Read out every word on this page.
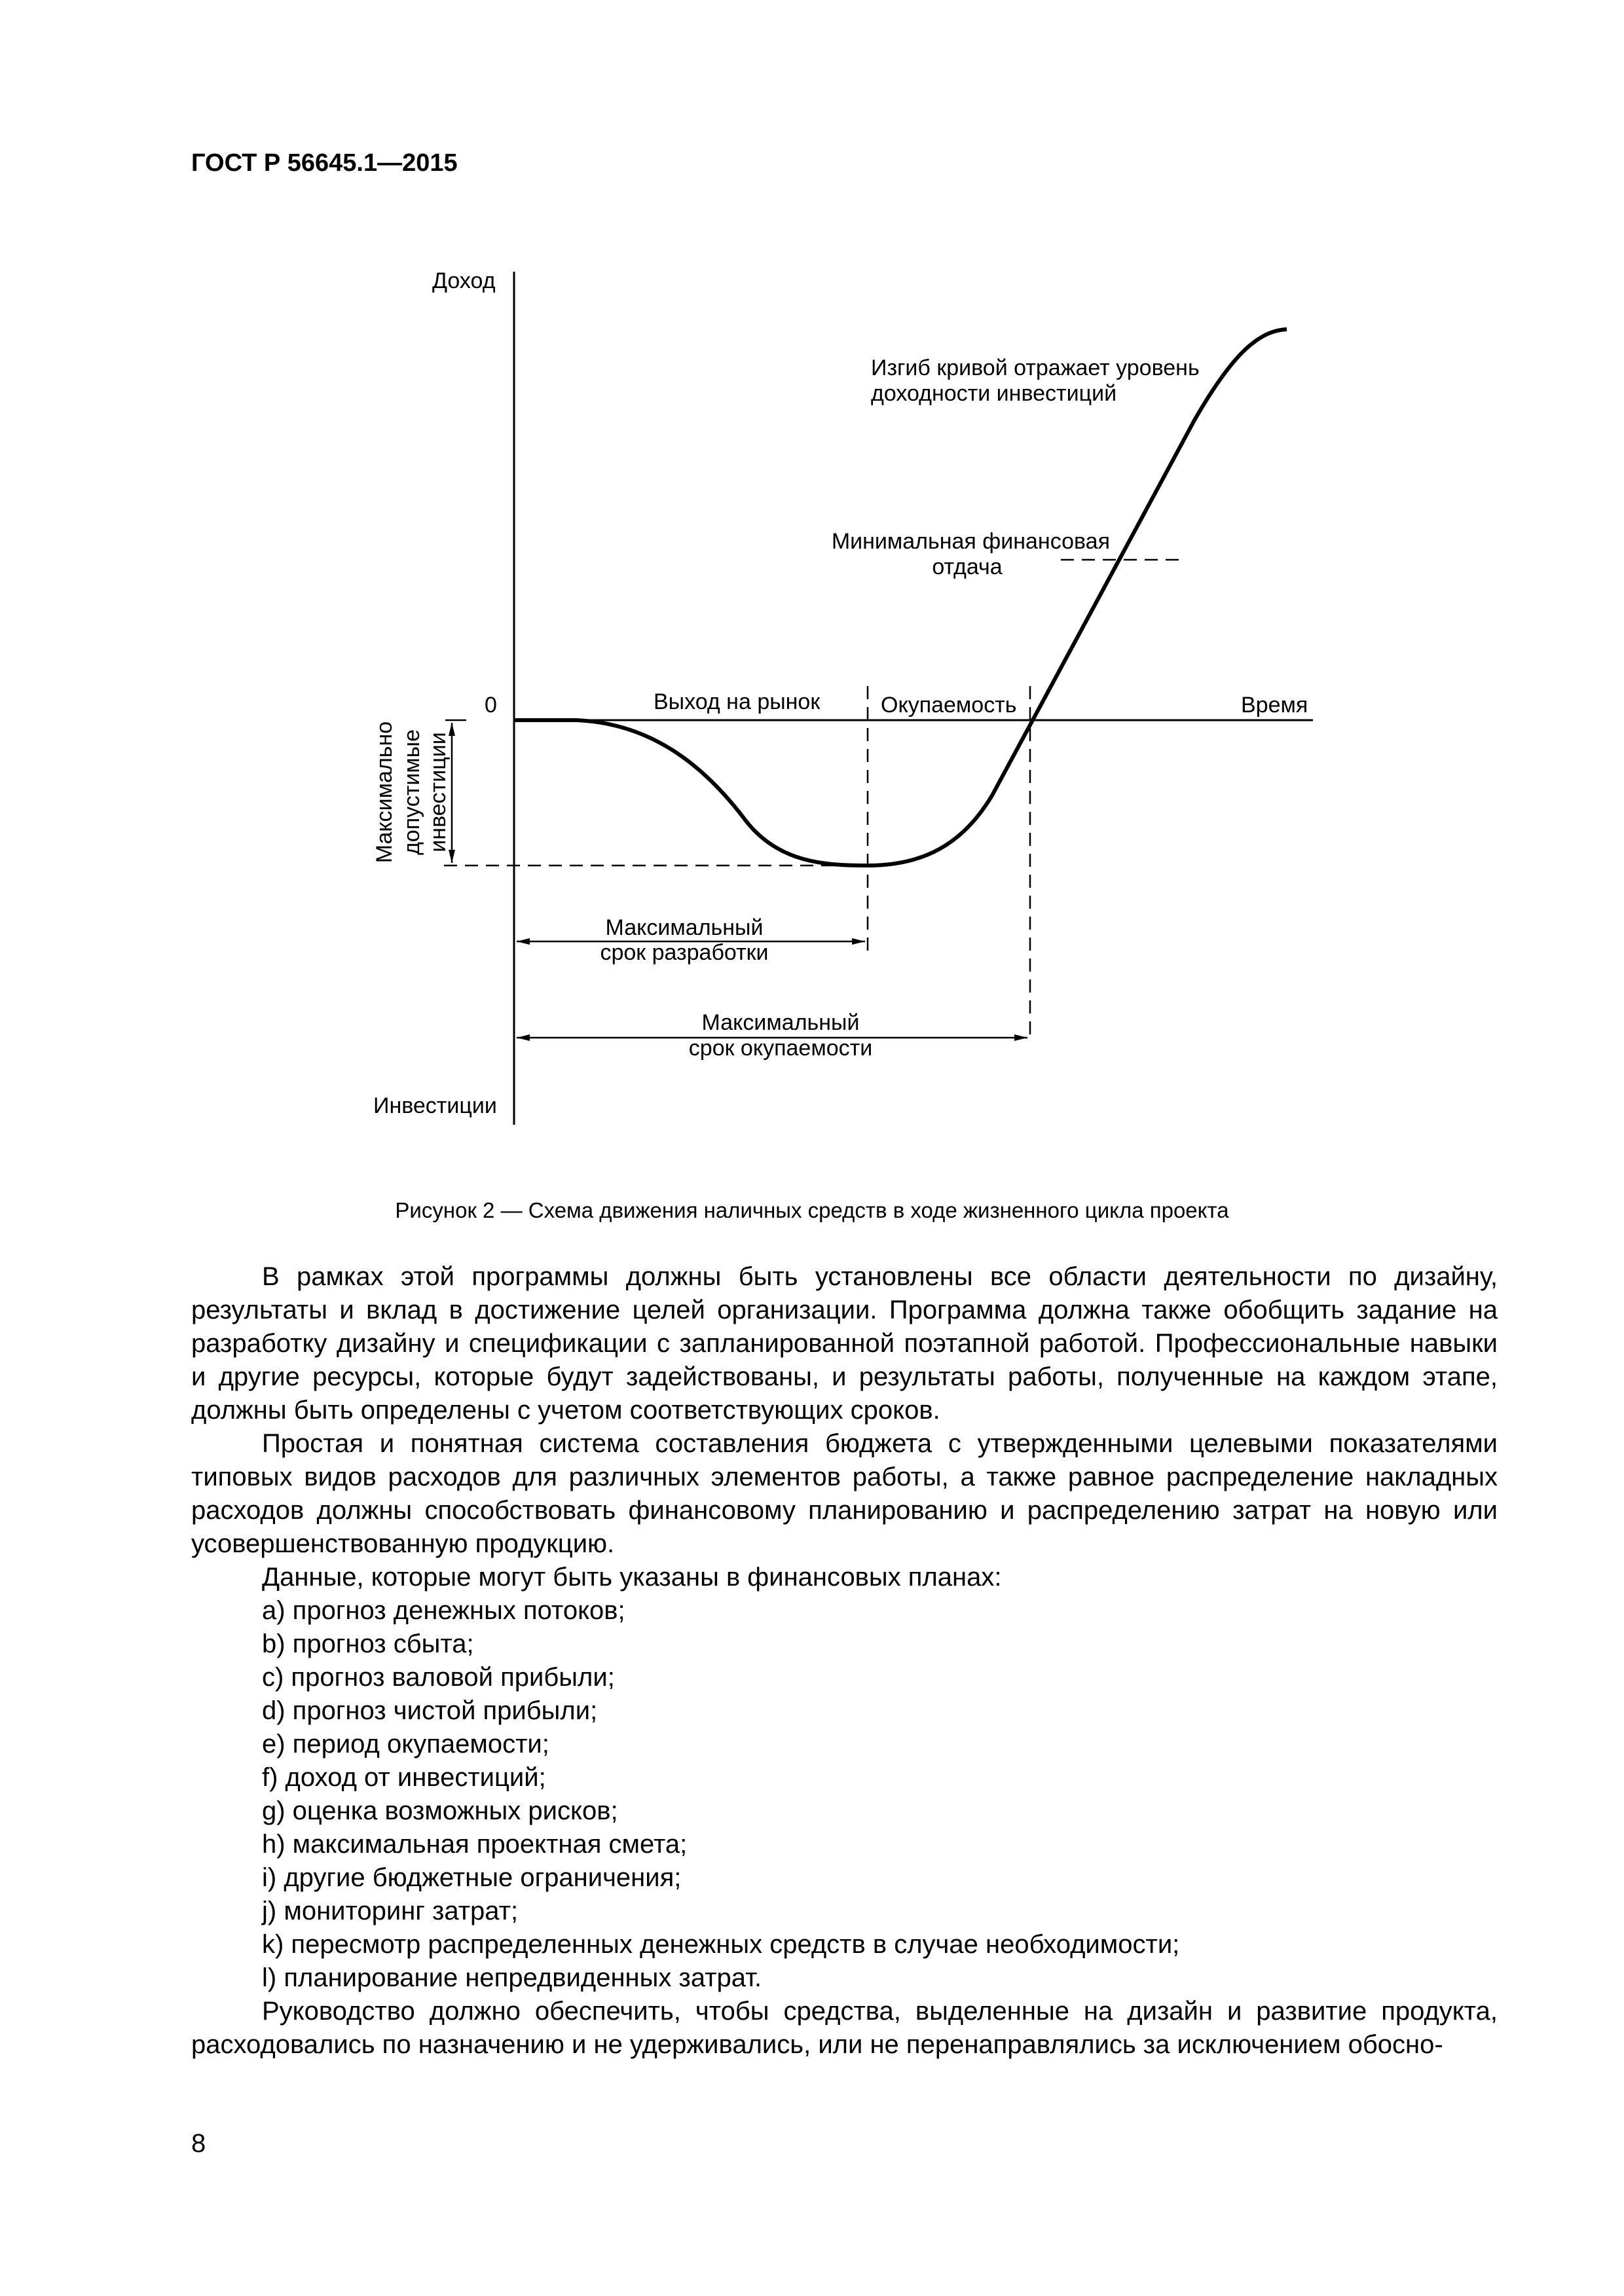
ГОСТ Р 56645.1—2015
Доход
0
Инвестиции
Время
Выход на рынок	Окупаемость
Изгиб кривой отражает уровень
доходности инвестиций
Минимальная финансовая
отдача
Максимальный
срок разработки
Максимальный
срок окупаемости
Максимально допустимые инвестиции
Рисунок 2 — Схема движения наличных средств в ходе жизненного цикла проекта

В рамках этой программы должны быть установлены все области деятельности по дизайну, результаты и вклад в достижение целей организации. Программа должна также обобщить задание на разработку дизайну и спецификации с запланированной поэтапной работой. Профессиональные навыки и другие ресурсы, которые будут задействованы, и результаты работы, полученные на каждом этапе, должны быть определены с учетом соответствующих сроков.

Простая и понятная система составления бюджета с утвержденными целевыми показателями типовых видов расходов для различных элементов работы, а также равное распределение накладных расходов должны способствовать финансовому планированию и распределению затрат на новую или усовершенствованную продукцию.

Данные, которые могут быть указаны в финансовых планах:

a) прогноз денежных потоков;
b) прогноз сбыта;
c) прогноз валовой прибыли;
d) прогноз чистой прибыли;
e) период окупаемости;
f) доход от инвестиций;
g) оценка возможных рисков;
h) максимальная проектная смета;
i) другие бюджетные ограничения;
j) мониторинг затрат;
k) пересмотр распределенных денежных средств в случае необходимости;
l) планирование непредвиденных затрат.

Руководство должно обеспечить, чтобы средства, выделенные на дизайн и развитие продукта, расходовались по назначению и не удерживались, или не перенаправлялись за исключением обосно-

8
